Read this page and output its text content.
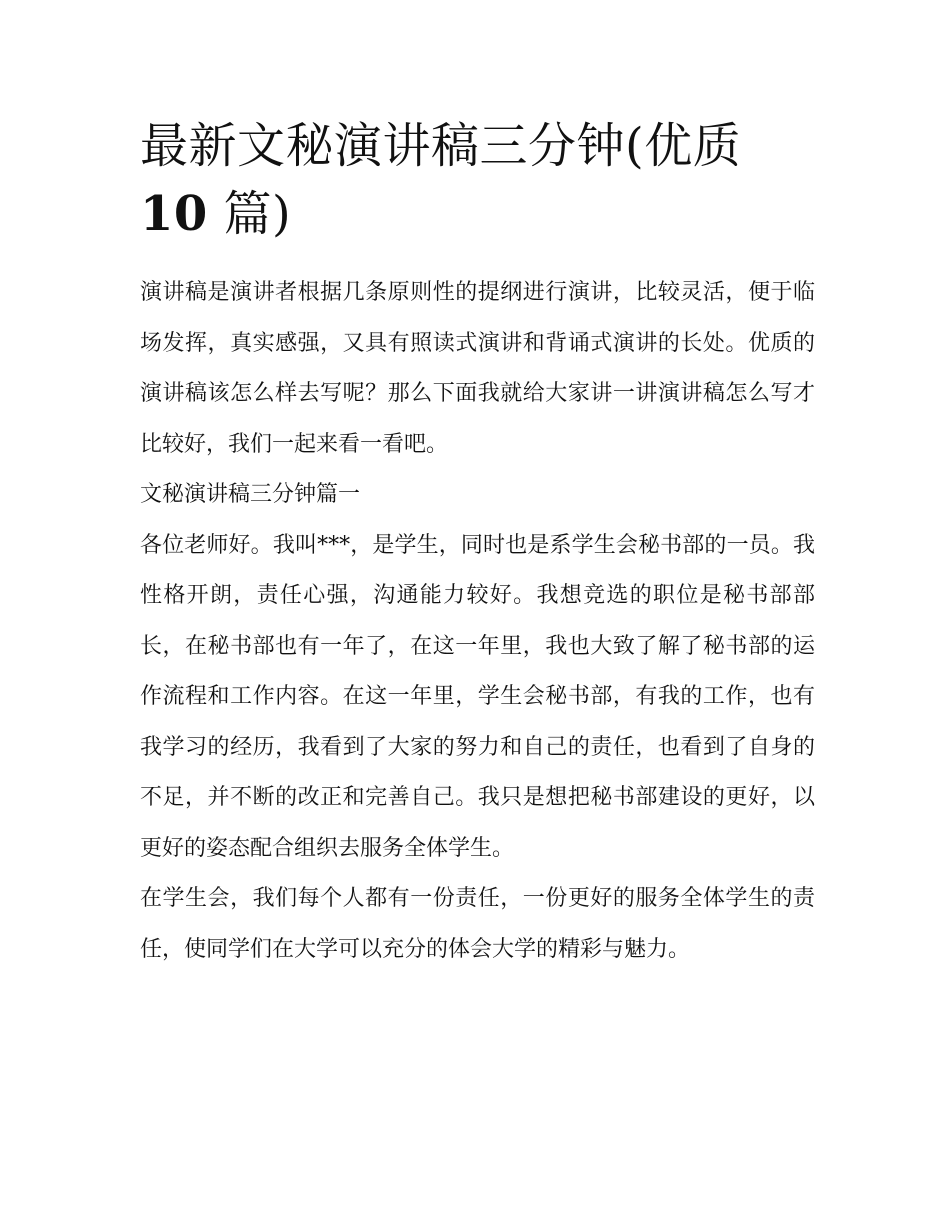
最新文秘演讲稿三分钟(优质
10 篇)

演讲稿是演讲者根据几条原则性的提纲进行演讲，比较灵活，便于临场发挥，真实感强，又具有照读式演讲和背诵式演讲的长处。优质的演讲稿该怎么样去写呢？那么下面我就给大家讲一讲演讲稿怎么写才比较好，我们一起来看一看吧。

文秘演讲稿三分钟篇一

各位老师好。我叫***，是学生，同时也是系学生会秘书部的一员。我性格开朗，责任心强，沟通能力较好。我想竞选的职位是秘书部部长，在秘书部也有一年了，在这一年里，我也大致了解了秘书部的运作流程和工作内容。在这一年里，学生会秘书部，有我的工作，也有我学习的经历，我看到了大家的努力和自己的责任，也看到了自身的不足，并不断的改正和完善自己。我只是想把秘书部建设的更好，以更好的姿态配合组织去服务全体学生。

在学生会，我们每个人都有一份责任，一份更好的服务全体学生的责任，使同学们在大学可以充分的体会大学的精彩与魅力。
